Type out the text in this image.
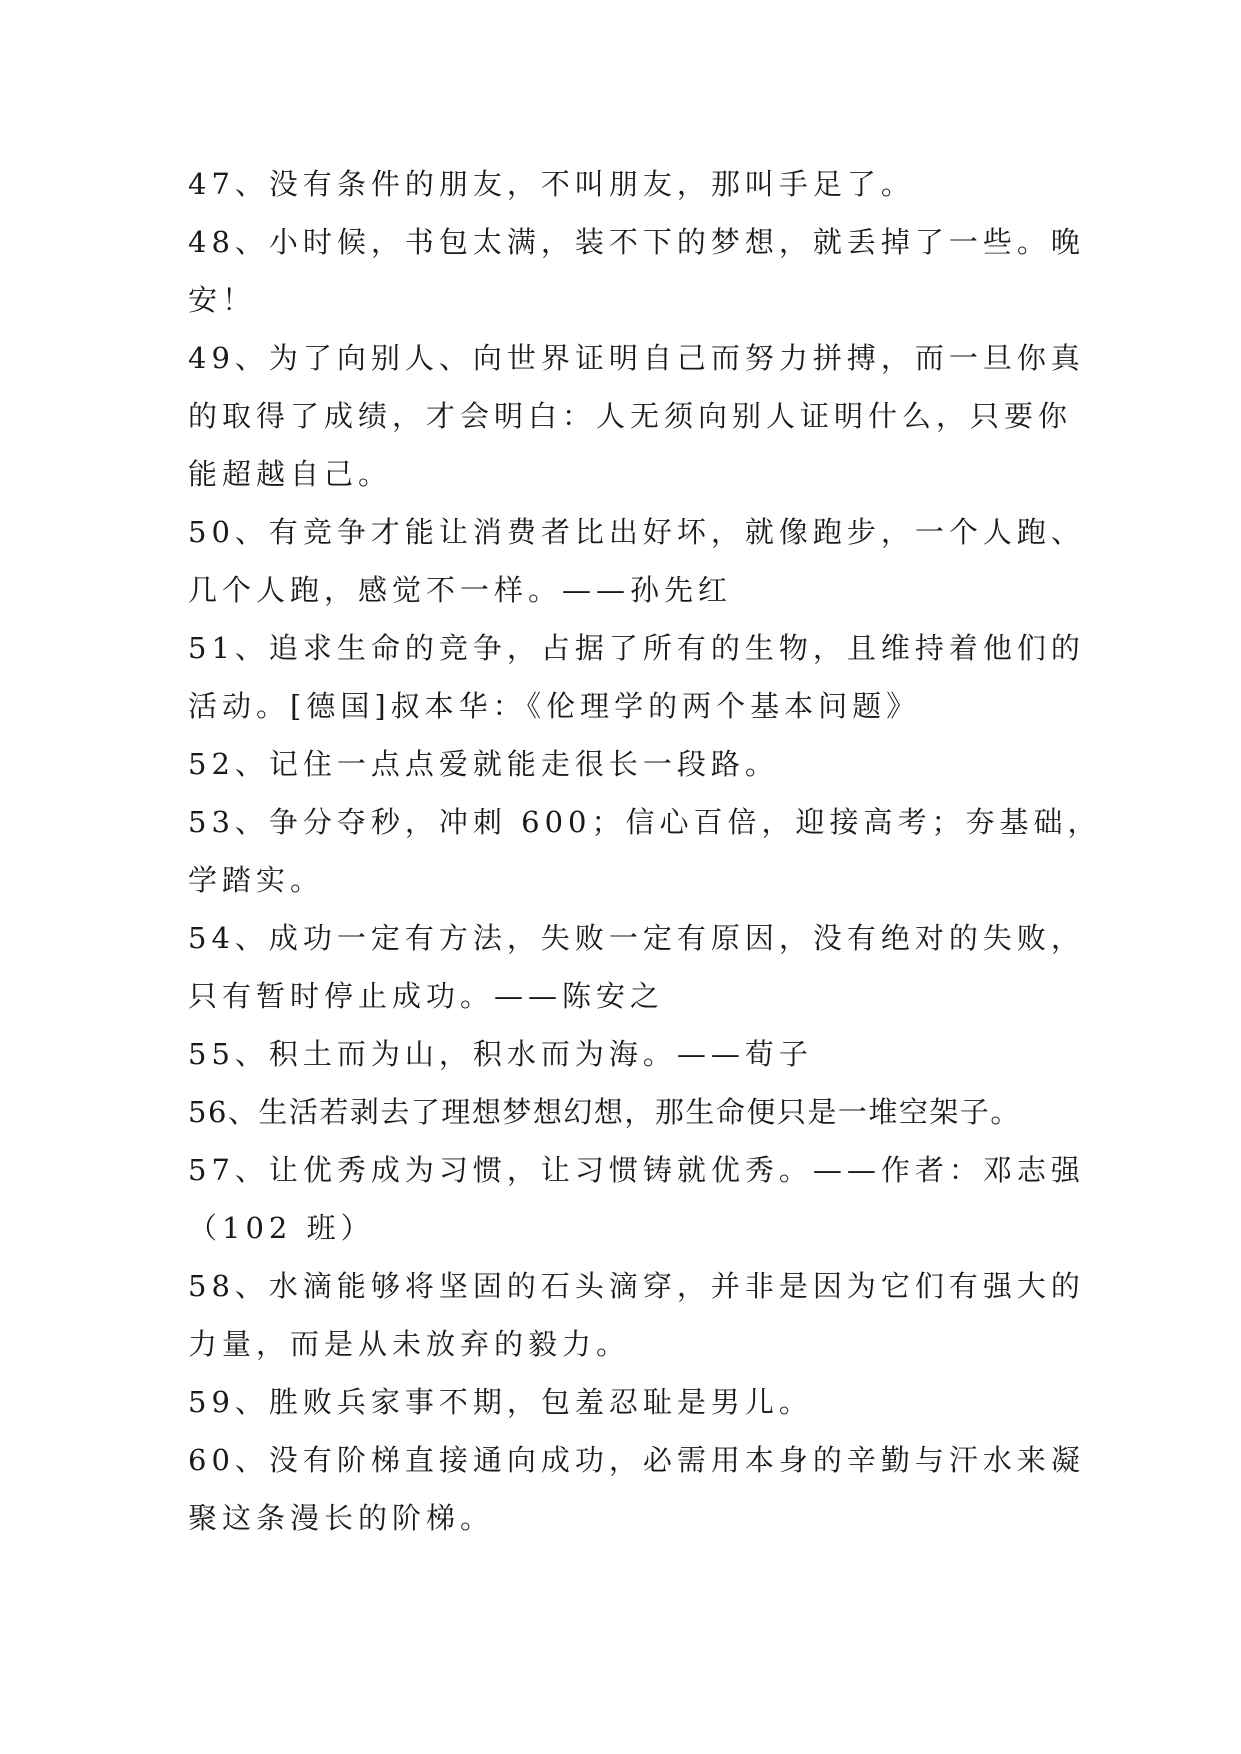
47、没有条件的朋友，不叫朋友，那叫手足了。
48、小时候，书包太满，装不下的梦想，就丢掉了一些。晚
安！
49、为了向别人、向世界证明自己而努力拼搏，而一旦你真
的取得了成绩，才会明白：人无须向别人证明什么，只要你
能超越自己。
50、有竞争才能让消费者比出好坏，就像跑步，一个人跑、
几个人跑，感觉不一样。——孙先红
51、追求生命的竞争，占据了所有的生物，且维持着他们的
活动。[德国]叔本华：《伦理学的两个基本问题》
52、记住一点点爱就能走很长一段路。
53、争分夺秒，冲刺 600；信心百倍，迎接高考；夯基础，
学踏实。
54、成功一定有方法，失败一定有原因，没有绝对的失败，
只有暂时停止成功。——陈安之
55、积土而为山，积水而为海。——荀子
56、生活若剥去了理想梦想幻想，那生命便只是一堆空架子。
57、让优秀成为习惯，让习惯铸就优秀。——作者：邓志强
（102 班）
58、水滴能够将坚固的石头滴穿，并非是因为它们有强大的
力量，而是从未放弃的毅力。
59、胜败兵家事不期，包羞忍耻是男儿。
60、没有阶梯直接通向成功，必需用本身的辛勤与汗水来凝
聚这条漫长的阶梯。
